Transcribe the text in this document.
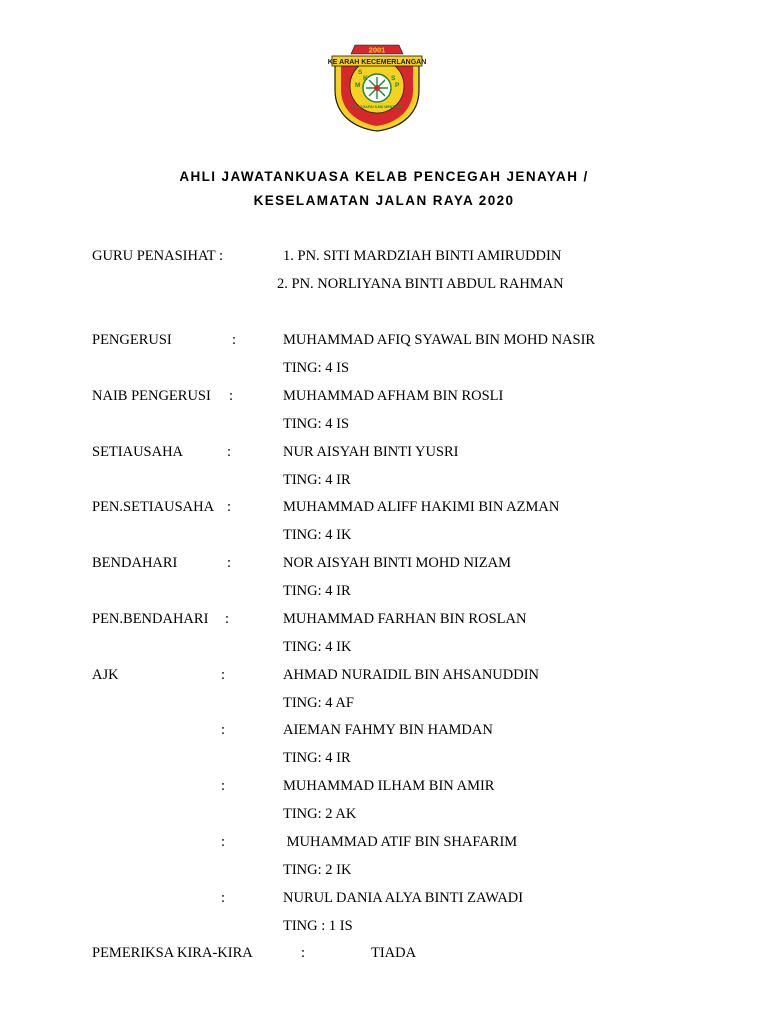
2001
KE ARAH KECEMERLANGAN
S
M
K	S
P
MENGGAPAI ILMU MENTUAH
AHLI JAWATANKUASA KELAB PENCEGAH JENAYAH /
KESELAMATAN JALAN RAYA 2020
GURU PENASIHAT :	1. PN. SITI MARDZIAH BINTI AMIRUDDIN
2. PN. NORLIYANA BINTI ABDUL RAHMAN
PENGERUSI	:	MUHAMMAD AFIQ SYAWAL BIN MOHD NASIR
TING: 4 IS
NAIB PENGERUSI :	MUHAMMAD AFHAM BIN ROSLI
TING: 4 IS
SETIAUSAHA	:	NUR AISYAH BINTI YUSRI
TING: 4 IR
PEN.SETIAUSAHA :	MUHAMMAD ALIFF HAKIMI BIN AZMAN
TING: 4 IK
BENDAHARI	:	NOR AISYAH BINTI MOHD NIZAM
TING: 4 IR
PEN.BENDAHARI :	MUHAMMAD FARHAN BIN ROSLAN
TING: 4 IK
AJK	:	AHMAD NURAIDIL BIN AHSANUDDIN
TING: 4 AF
:	AIEMAN FAHMY BIN HAMDAN
TING: 4 IR
:	MUHAMMAD ILHAM BIN AMIR
TING: 2 AK
:	MUHAMMAD ATIF BIN SHAFARIM
TING: 2 IK
:	NURUL DANIA ALYA BINTI ZAWADI
TING : 1 IS
PEMERIKSA KIRA-KIRA	:	TIADA
